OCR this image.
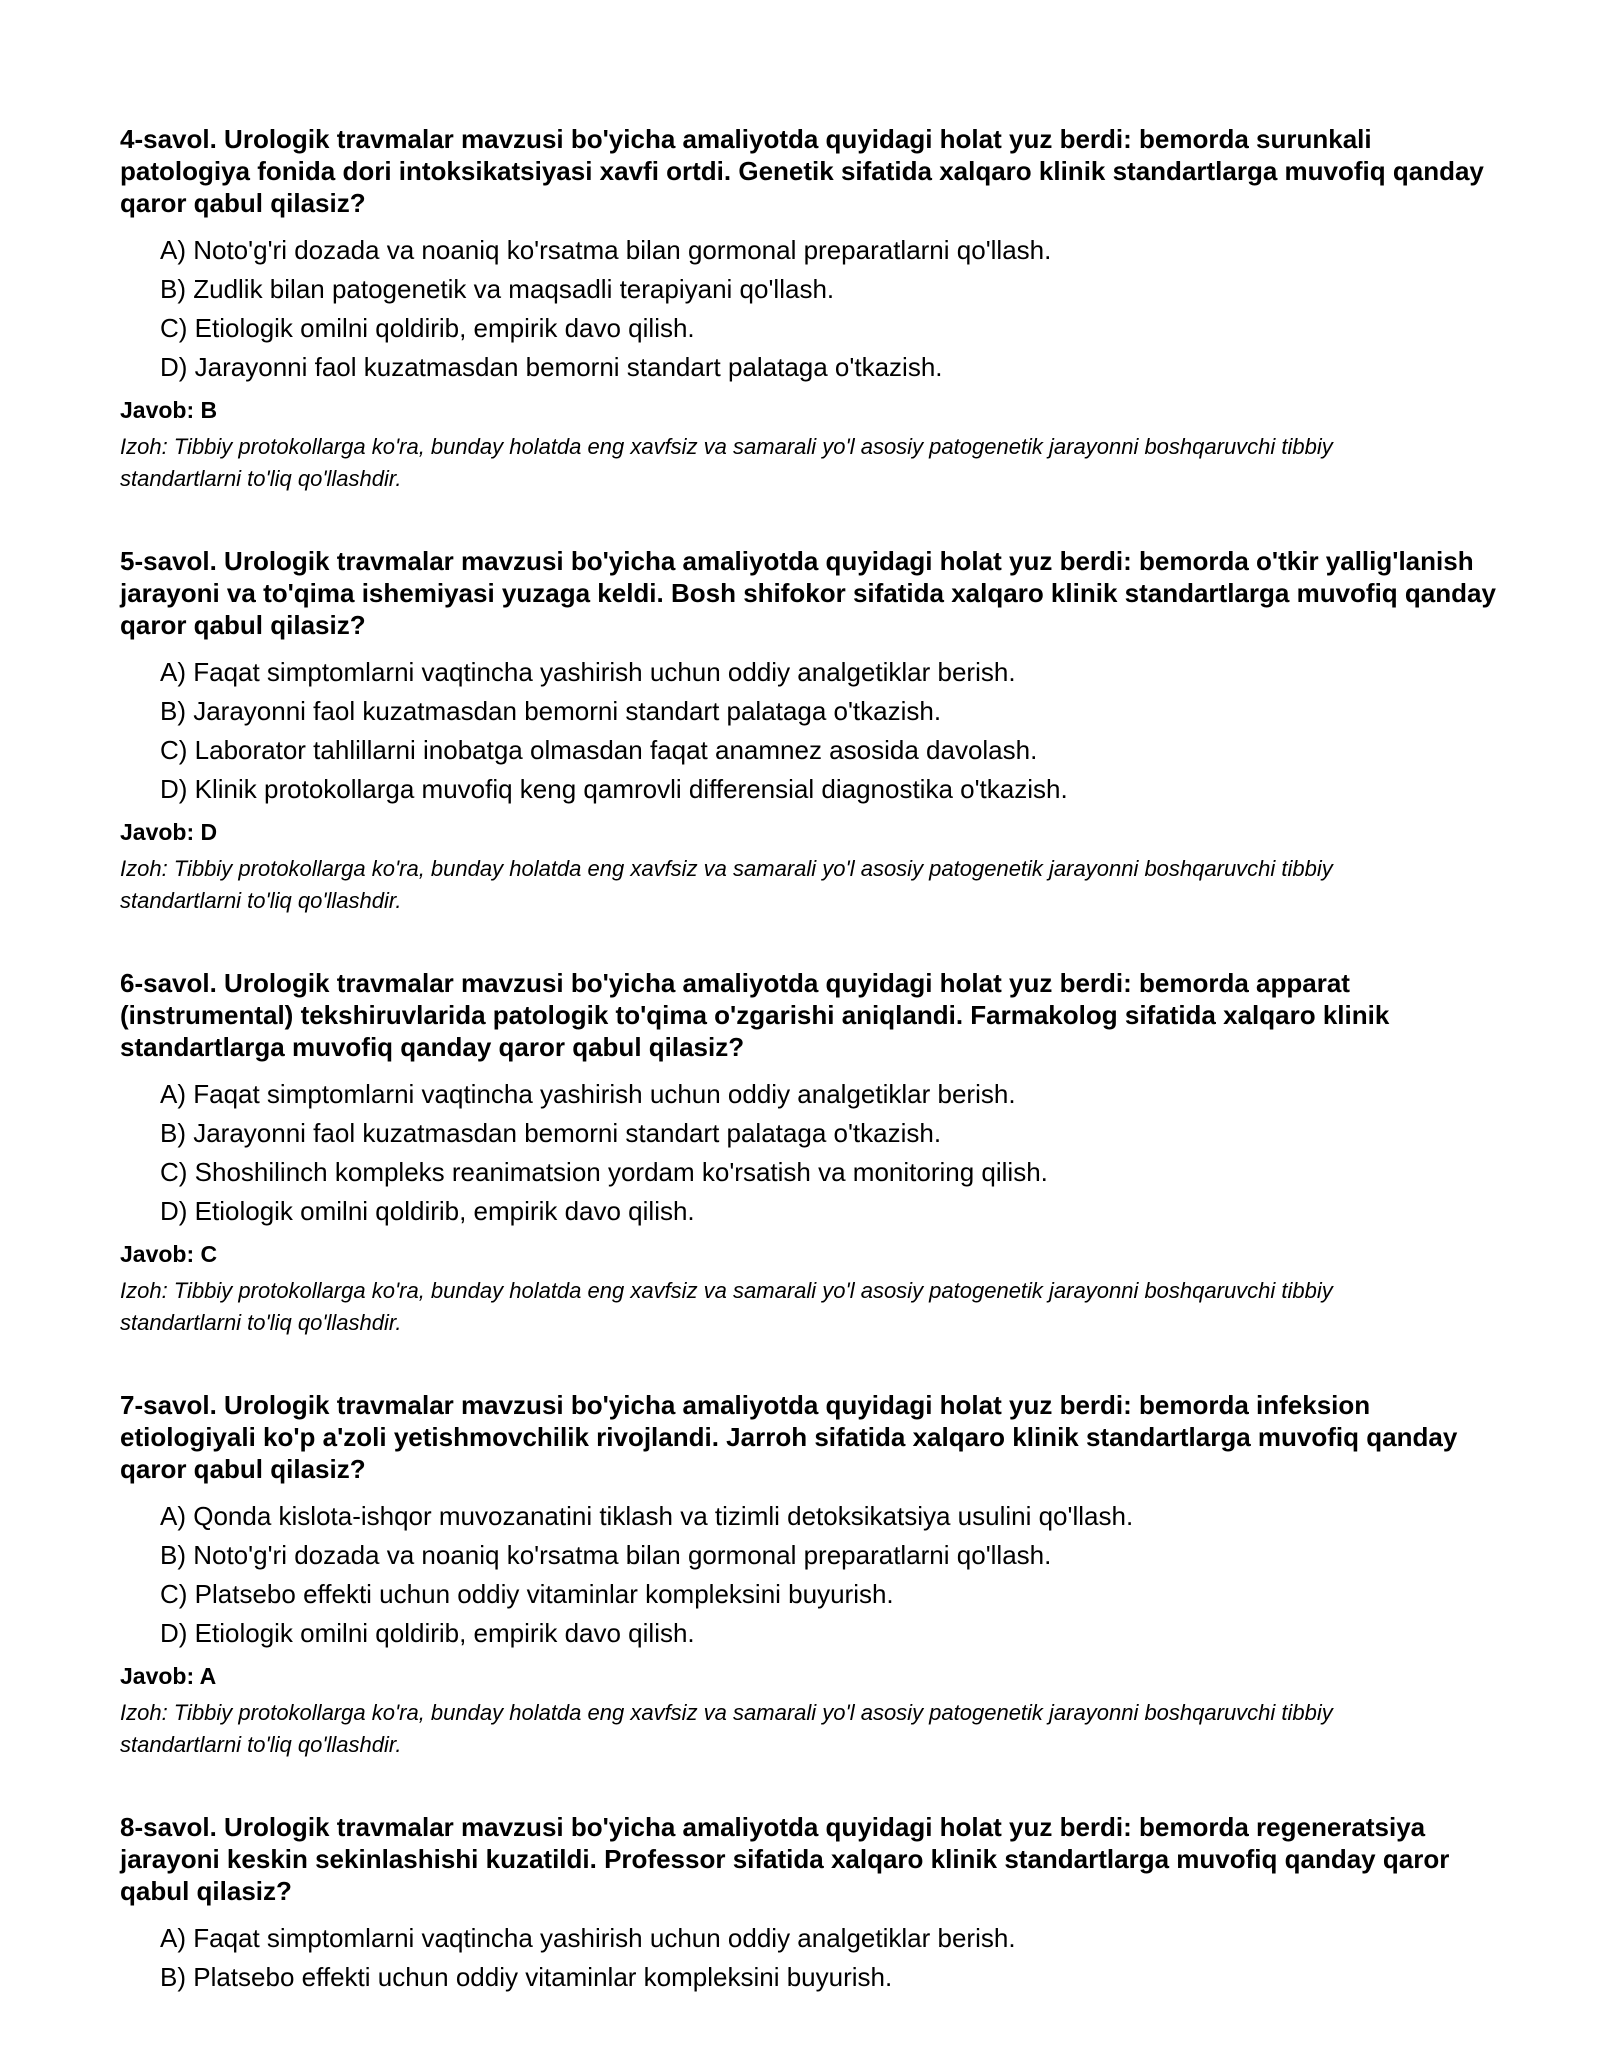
4-savol. Urologik travmalar mavzusi bo'yicha amaliyotda quyidagi holat yuz berdi: bemorda surunkali patologiya fonida dori intoksikatsiyasi xavfi ortdi. Genetik sifatida xalqaro klinik standartlarga muvofiq qanday qaror qabul qilasiz?
A) Noto'g'ri dozada va noaniq ko'rsatma bilan gormonal preparatlarni qo'llash.
B) Zudlik bilan patogenetik va maqsadli terapiyani qo'llash.
C) Etiologik omilni qoldirib, empirik davo qilish.
D) Jarayonni faol kuzatmasdan bemorni standart palataga o'tkazish.
Javob: B
Izoh: Tibbiy protokollarga ko'ra, bunday holatda eng xavfsiz va samarali yo'l asosiy patogenetik jarayonni boshqaruvchi tibbiy standartlarni to'liq qo'llashdir.
5-savol. Urologik travmalar mavzusi bo'yicha amaliyotda quyidagi holat yuz berdi: bemorda o'tkir yallig'lanish jarayoni va to'qima ishemiyasi yuzaga keldi. Bosh shifokor sifatida xalqaro klinik standartlarga muvofiq qanday qaror qabul qilasiz?
A) Faqat simptomlarni vaqtincha yashirish uchun oddiy analgetiklar berish.
B) Jarayonni faol kuzatmasdan bemorni standart palataga o'tkazish.
C) Laborator tahlillarni inobatga olmasdan faqat anamnez asosida davolash.
D) Klinik protokollarga muvofiq keng qamrovli differensial diagnostika o'tkazish.
Javob: D
Izoh: Tibbiy protokollarga ko'ra, bunday holatda eng xavfsiz va samarali yo'l asosiy patogenetik jarayonni boshqaruvchi tibbiy standartlarni to'liq qo'llashdir.
6-savol. Urologik travmalar mavzusi bo'yicha amaliyotda quyidagi holat yuz berdi: bemorda apparat (instrumental) tekshiruvlarida patologik to'qima o'zgarishi aniqlandi. Farmakolog sifatida xalqaro klinik standartlarga muvofiq qanday qaror qabul qilasiz?
A) Faqat simptomlarni vaqtincha yashirish uchun oddiy analgetiklar berish.
B) Jarayonni faol kuzatmasdan bemorni standart palataga o'tkazish.
C) Shoshilinch kompleks reanimatsion yordam ko'rsatish va monitoring qilish.
D) Etiologik omilni qoldirib, empirik davo qilish.
Javob: C
Izoh: Tibbiy protokollarga ko'ra, bunday holatda eng xavfsiz va samarali yo'l asosiy patogenetik jarayonni boshqaruvchi tibbiy standartlarni to'liq qo'llashdir.
7-savol. Urologik travmalar mavzusi bo'yicha amaliyotda quyidagi holat yuz berdi: bemorda infeksion etiologiyali ko'p a'zoli yetishmovchilik rivojlandi. Jarroh sifatida xalqaro klinik standartlarga muvofiq qanday qaror qabul qilasiz?
A) Qonda kislota-ishqor muvozanatini tiklash va tizimli detoksikatsiya usulini qo'llash.
B) Noto'g'ri dozada va noaniq ko'rsatma bilan gormonal preparatlarni qo'llash.
C) Platsebo effekti uchun oddiy vitaminlar kompleksini buyurish.
D) Etiologik omilni qoldirib, empirik davo qilish.
Javob: A
Izoh: Tibbiy protokollarga ko'ra, bunday holatda eng xavfsiz va samarali yo'l asosiy patogenetik jarayonni boshqaruvchi tibbiy standartlarni to'liq qo'llashdir.
8-savol. Urologik travmalar mavzusi bo'yicha amaliyotda quyidagi holat yuz berdi: bemorda regeneratsiya jarayoni keskin sekinlashishi kuzatildi. Professor sifatida xalqaro klinik standartlarga muvofiq qanday qaror qabul qilasiz?
A) Faqat simptomlarni vaqtincha yashirish uchun oddiy analgetiklar berish.
B) Platsebo effekti uchun oddiy vitaminlar kompleksini buyurish.
